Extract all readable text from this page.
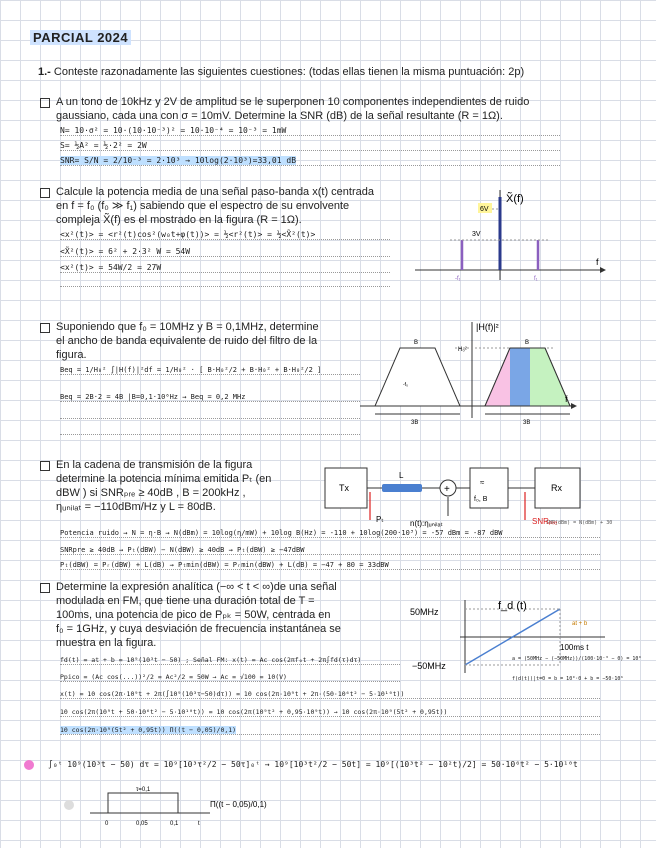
PARCIAL 2024
1.- Conteste razonadamente las siguientes cuestiones: (todas ellas tienen la misma puntuación: 2p)
A un tono de 10kHz y 2V de amplitud se le superponen 10 componentes independientes de ruido
gaussiano, cada una con σ = 10mV. Determine la SNR (dB) de la señal resultante (R = 1Ω).
N= 10·σ² = 10·(10·10⁻³)² = 10·10⁻⁴ = 10⁻³ = 1mW
S= ½A² = ½·2² = 2W
SNR= S/N = 2/10⁻³ = 2·10³ → 10log(2·10³)=33,01 dB
Calcule la potencia media de una señal paso-banda x(t) centrada
en f = f₀ (f₀ ≫ f₁) sabiendo que el espectro de su envolvente
compleja X̃(f) es el mostrado en la figura (R = 1Ω).
<x²(t)> = <r²(t)cos²(w₀t+φ(t))> = ½<r²(t)> = ½<X̃²(t)>
<X̃²(t)> = 6² + 2·3² W = 54W
<x²(t)> = 54W/2 = 27W
6V
3V
X̃(f)
f
-f₁	f₁
Suponiendo que f₀ = 10MHz y B = 0,1MHz, determine
el ancho de banda equivalente de ruido del filtro de la
figura.
Beq = 1/H₀² ∫|H(f)|²df = 1/H₀² · [ B·H₀²/2 + B·H₀² + B·H₀²/2 ]
Beq = 2B·2 = 4B |B=0,1·10⁶Hz → Beq = 0,2 MHz
|H(f)|²
H₀²
f
B	B
-f₀
3B	3B
En la cadena de transmisión de la figura
determine la potencia mínima emitida Pₜ (en
dBW ) si SNRₚᵣₑ ≥ 40dB , B = 200kHz ,
ηᵤₙᵢₗₐₜ = −110dBm/Hz y L = 80dB.
Potencia ruido → N = η·B → N(dBm) = 10log(η/mW) + 10log B(Hz) = -110 + 10log(200·10³) = -57 dBm = -87 dBW
SNRpre ≥ 40dB → Pₜ(dBW) − N(dBW) ≥ 40dB → Pₜ(dBW) ≥ −47dBW
Pₜ(dBW) = Pᵣ(dBW) + L(dB) → Pₜmin(dBW) = Pᵣmin(dBW) + L(dB) = −47 + 80 = 33dBW
SNR(dBm) = N(dBm) + 30
Tx
L
+
≈
f₀, B
Rx
Pₜ	n(t):ηᵤₙᵢₗₐₜ	SNRₚᵣₑ
Determine la expresión analítica (−∞ < t < ∞)de una señal
modulada en FM, que tiene una duración total de T =
100ms, una potencia de pico de Pₚₖ = 50W, centrada en
f₀ = 1GHz, y cuya desviación de frecuencia instantánea se
muestra en la figura.
fd(t) = at + b = 10⁹(10³t − 50) ; Señal FM: x(t) = Ac cos(2πf₀t + 2π∫fd(τ)dτ)
Ppico = (Ac cos(...))²/2 = Ac²/2 = 50W → Ac = √100 = 10(V)
x(t) = 10 cos(2π·10⁹t + 2π(∫10⁹(10³τ−50)dτ)) = 10 cos(2π·10⁹t + 2π·(50·10⁶t² − 5·10¹⁰t))
10 cos(2π(10⁹t + 50·10⁶t² − 5·10¹⁰t)) = 10 cos(2π(10⁹t² + 0,95·10⁹t)) → 10 cos(2π·10⁹(5t² + 0,95t))
10 cos(2π·10⁹(5t² + 0,95t)) Π((t − 0,05)/0,1)
f_d (t)
50MHz
−50MHz
100ms t
at + b
a = (50MHz − (−50MHz))/(100·10⁻³ − 0) = 10⁹
f(d(t))|t=0 = b = 10⁹·0 + b = −50·10⁶
∫₀ᵗ 10⁹(10³t − 50) dτ = 10⁹[10³τ²/2 − 50τ]₀ᵗ → 10⁹[10³t²/2 − 50t] = 10⁹[(10³t² − 10²t)/2] = 50·10⁶t² − 5·10¹⁰t
τ=0,1
0	0,05	0,1	t
Π((t − 0,05)/0,1)
